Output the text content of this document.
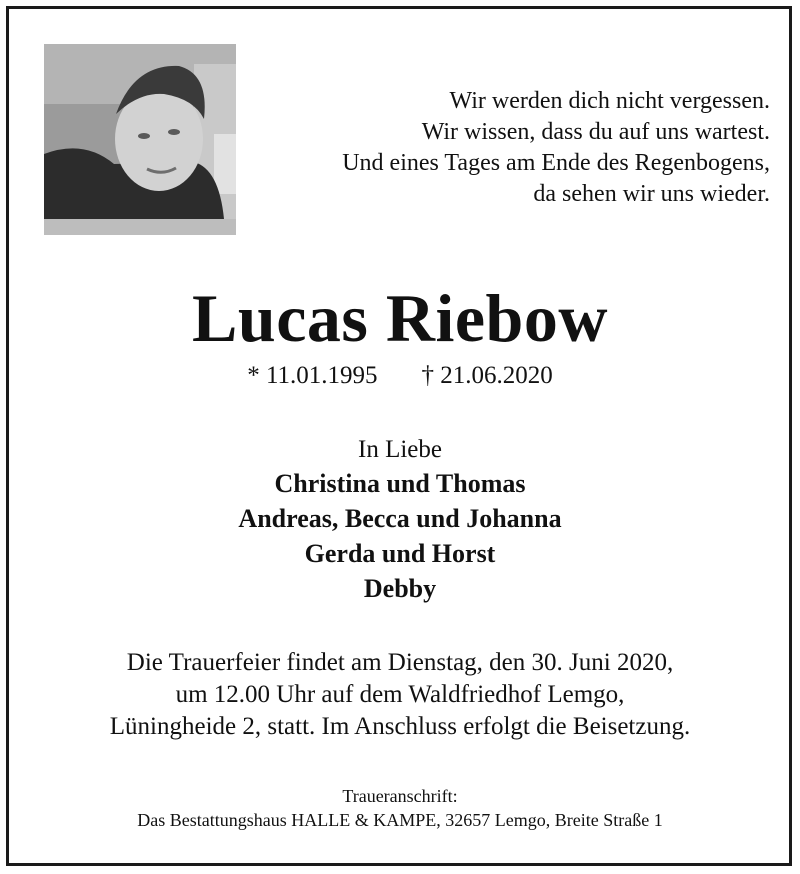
Wir werden dich nicht vergessen.
Wir wissen, dass du auf uns wartest.
Und eines Tages am Ende des Regenbogens,
da sehen wir uns wieder.
Lucas Riebow
* 11.01.1995 † 21.06.2020
In Liebe
Christina und Thomas
Andreas, Becca und Johanna
Gerda und Horst
Debby
Die Trauerfeier findet am Dienstag, den 30. Juni 2020,
um 12.00 Uhr auf dem Waldfriedhof Lemgo,
Lüningheide 2, statt. Im Anschluss erfolgt die Beisetzung.
Traueranschrift:
Das Bestattungshaus HALLE & KAMPE, 32657 Lemgo, Breite Straße 1
